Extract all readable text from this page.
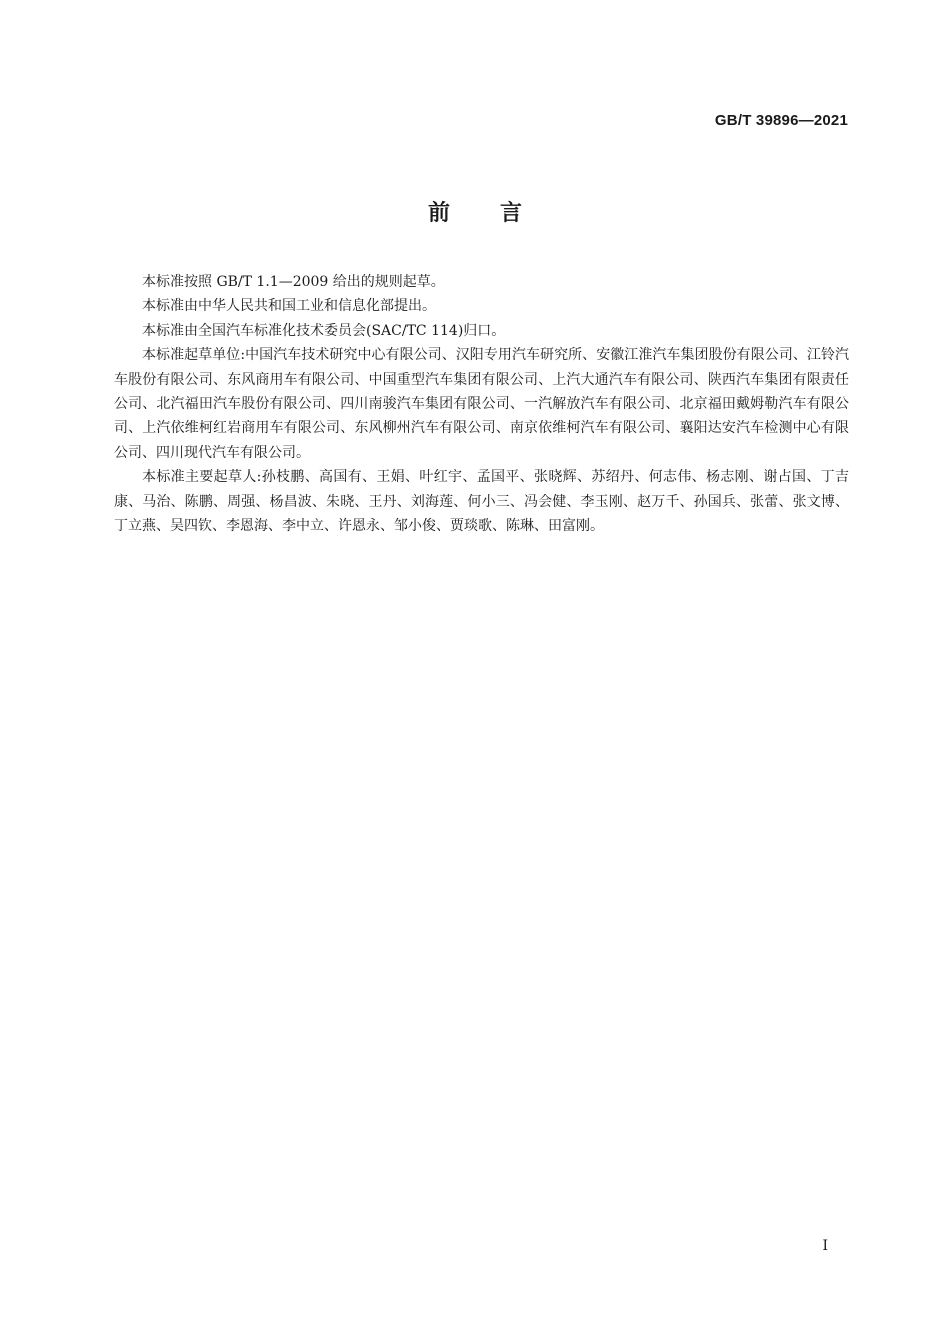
GB/T 39896—2021
前 言

本标准按照 GB/T 1.1—2009 给出的规则起草。

本标准由中华人民共和国工业和信息化部提出。

本标准由全国汽车标准化技术委员会(SAC/TC 114)归口。

本标准起草单位:中国汽车技术研究中心有限公司、汉阳专用汽车研究所、安徽江淮汽车集团股份有限公司、江铃汽车股份有限公司、东风商用车有限公司、中国重型汽车集团有限公司、上汽大通汽车有限公司、陕西汽车集团有限责任公司、北汽福田汽车股份有限公司、四川南骏汽车集团有限公司、一汽解放汽车有限公司、北京福田戴姆勒汽车有限公司、上汽依维柯红岩商用车有限公司、东风柳州汽车有限公司、南京依维柯汽车有限公司、襄阳达安汽车检测中心有限公司、四川现代汽车有限公司。

本标准主要起草人:孙枝鹏、高国有、王娟、叶红宇、孟国平、张晓辉、苏绍丹、何志伟、杨志刚、谢占国、丁吉康、马治、陈鹏、周强、杨昌波、朱晓、王丹、刘海莲、何小三、冯会健、李玉刚、赵万千、孙国兵、张蕾、张文博、丁立燕、吴四钦、李恩海、李中立、许恩永、邹小俊、贾琰歌、陈琳、田富刚。

I
